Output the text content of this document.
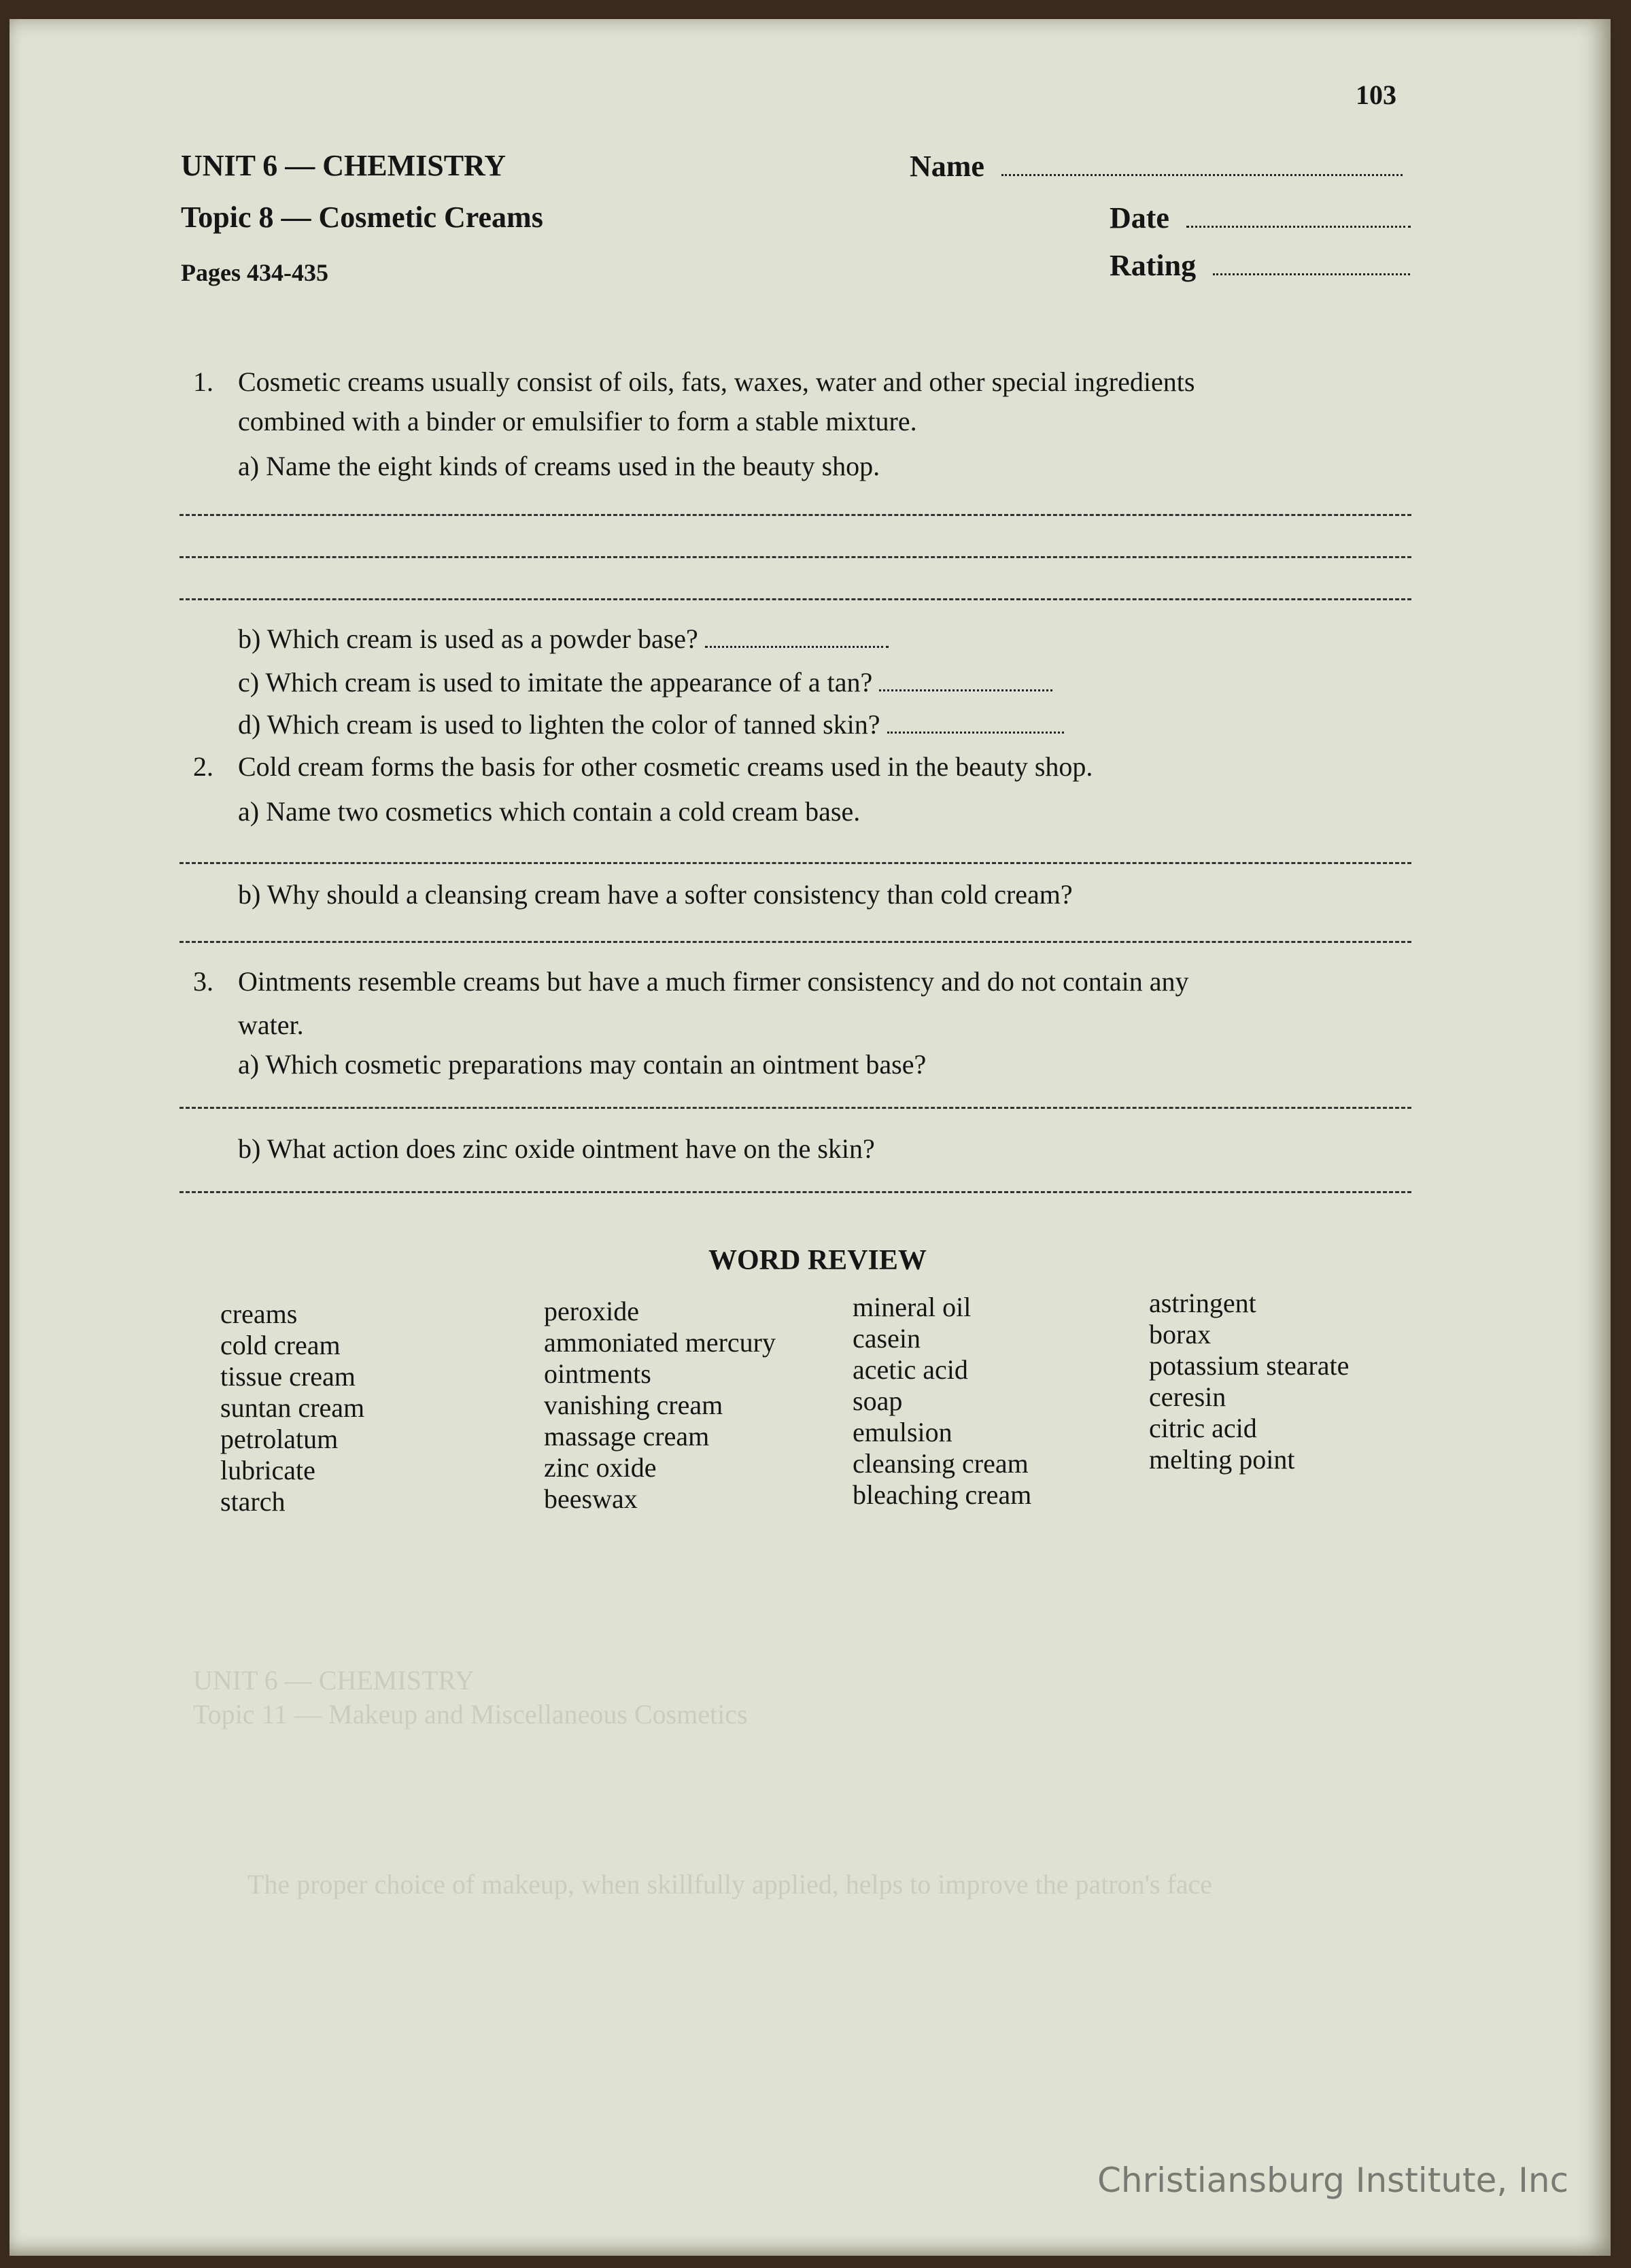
UNIT 6 — CHEMISTRY
Topic 11 — Makeup and Miscellaneous Cosmetics
The proper choice of makeup, when skillfully applied, helps to improve the patron's face
103
UNIT 6 — CHEMISTRY
Topic 8 — Cosmetic Creams
Pages 434-435
Name
Date
Rating
1. Cosmetic creams usually consist of oils, fats, waxes, water and other special ingredients
combined with a binder or emulsifier to form a stable mixture.
a) Name the eight kinds of creams used in the beauty shop.
b) Which cream is used as a powder base?
c) Which cream is used to imitate the appearance of a tan?
d) Which cream is used to lighten the color of tanned skin?
2. Cold cream forms the basis for other cosmetic creams used in the beauty shop.
a) Name two cosmetics which contain a cold cream base.
b) Why should a cleansing cream have a softer consistency than cold cream?
3. Ointments resemble creams but have a much firmer consistency and do not contain any
water.
a) Which cosmetic preparations may contain an ointment base?
b) What action does zinc oxide ointment have on the skin?
WORD REVIEW
creams
cold cream
tissue cream
suntan cream
petrolatum
lubricate
starch
peroxide
ammoniated mercury
ointments
vanishing cream
massage cream
zinc oxide
beeswax
mineral oil
casein
acetic acid
soap
emulsion
cleansing cream
bleaching cream
astringent
borax
potassium stearate
ceresin
citric acid
melting point
Christiansburg Institute, Inc
